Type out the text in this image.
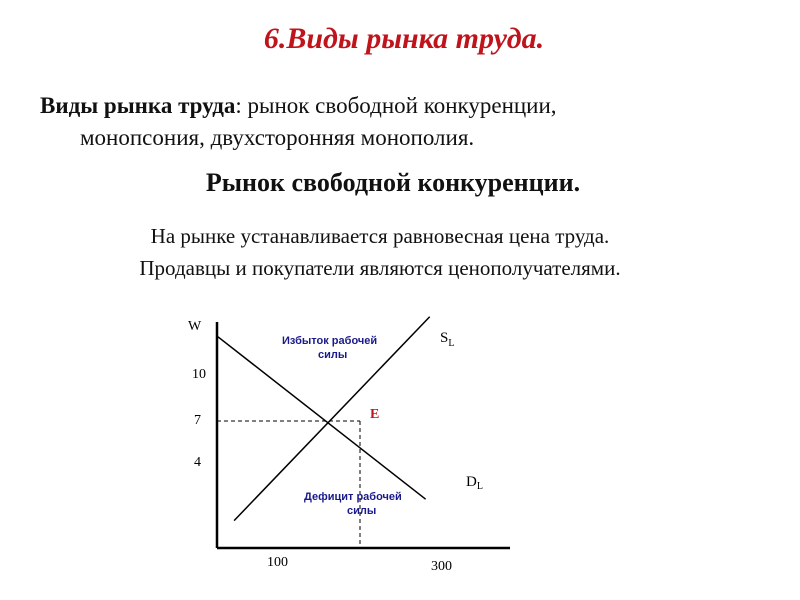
6.Виды рынка труда.
Виды рынка труда: рынок свободной конкуренции,
монопсония, двухсторонняя монополия.
Рынок свободной конкуренции.
На рынке устанавливается равновесная цена труда.
Продавцы и покупатели являются ценополучателями.
W
10
7
4
100	300
$S_L$
$D_L$
E
Избыток рабочей
силы
Дефицит рабочей
силы
